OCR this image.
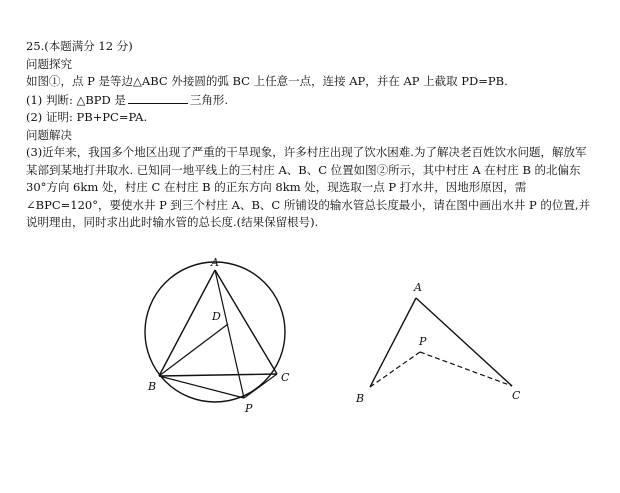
25.(本题满分 12 分)
问题探究
如图①，点 P 是等边△ABC 外接圆的弧 BC 上任意一点，连接 AP，并在 AP 上截取 PD=PB.
(1) 判断: △BPD 是	三角形.
(2) 证明: PB+PC=PA.
问题解决
(3)近年来，我国多个地区出现了严重的干旱现象，许多村庄出现了饮水困难.为了解决老百姓饮水问题，解放军某部到某地打井取水. 已知同一地平线上的三村庄 A、B、C 位置如图②所示，其中村庄 A 在村庄 B 的北偏东 30°方向 6km 处，村庄 C 在村庄 B 的正东方向 8km 处，现选取一点 P 打水井，因地形原因，需∠BPC=120°，要使水井 P 到三个村庄 A、B、C 所铺设的输水管总长度最小，请在图中画出水井 P 的位置,并说明理由，同时求出此时输水管的总长度.(结果保留根号).
A
D
B
C
P
A
P
B	C
